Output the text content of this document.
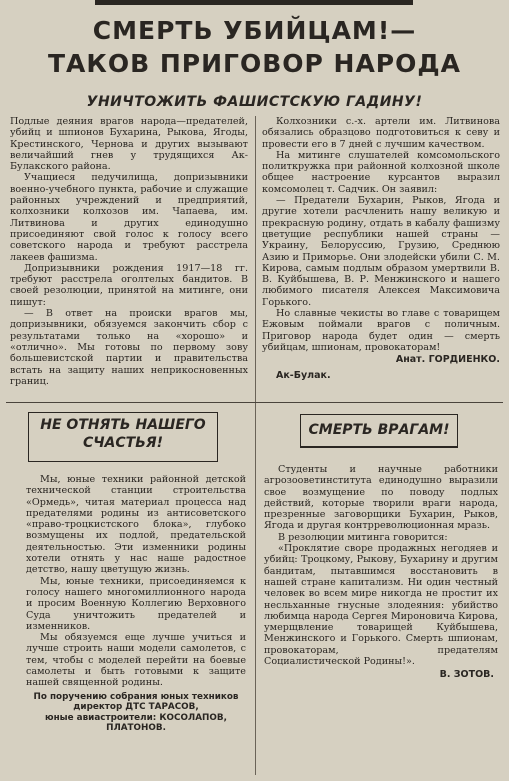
СМЕРТЬ УБИЙЦАМ!—
ТАКОВ ПРИГОВОР НАРОДА
УНИЧТОЖИТЬ ФАШИСТСКУЮ ГАДИНУ!

Подлые деяния врагов народа—предателей, убийц и шпионов Бухарина, Рыкова, Ягоды, Крестинского, Чернова и других вызывают величайший гнев у трудящихся Ак-Булакского района.

Учащиеся педучилища, допризывники военно-учебного пункта, рабочие и служащие районных учреждений и предприятий, колхозники колхозов им. Чапаева, им. Литвинова и других единодушно присоединяют свой голос к голосу всего советского народа и требуют расстрела лакеев фашизма.

Допризывники рождения 1917—18 гг. требуют расстрела оголтелых бандитов. В своей резолюции, принятой на митинге, они пишут:

— В ответ на происки врагов мы, допризывники, обязуемся закончить сбор с результатами только на «хорошо» и «отлично». Мы готовы по первому зову большевистской партии и правительства встать на защиту наших неприкосновенных границ.

Колхозники с.-х. артели им. Литвинова обязались образцово подготовиться к севу и провести его в 7 дней с лучшим качеством.

На митинге слушателей комсомольского политкружка при районной колхозной школе общее настроение курсантов выразил комсомолец т. Садчик. Он заявил:

— Предатели Бухарин, Рыков, Ягода и другие хотели расчленить нашу великую и прекрасную родину, отдать в кабалу фашизму цветущие республики нашей страны — Украину, Белоруссию, Грузию, Среднюю Азию и Приморье. Они злодейски убили С. М. Кирова, самым подлым образом умертвили В. В. Куйбышева, В. Р. Менжинского и нашего любимого писателя Алексея Максимовича Горького.

Но славные чекисты во главе с товарищем Ежовым поймали врагов с поличным. Приговор народа будет один — смерть убийцам, шпионам, провокаторам!

Анат. ГОРДИЕНКО.
Ак-Булак.
НЕ ОТНЯТЬ НАШЕГО
СЧАСТЬЯ!

Мы, юные техники районной детской технической станции строительства «Ормедь», читая материал процесса над предателями родины из антисоветского «право-троцкистского блока», глубоко возмущены их подлой, предательской деятельностью. Эти изменники родины хотели отнять у нас наше радостное детство, нашу цветущую жизнь.

Мы, юные техники, присоединяемся к голосу нашего многомиллионного народа и просим Военную Коллегию Верховного Суда уничтожить предателей и изменников.

Мы обязуемся еще лучше учиться и лучше строить наши модели самолетов, с тем, чтобы с моделей перейти на боевые самолеты и быть готовыми к защите нашей священной родины.

По поручению собрания юных техников директор ДТС ТАРАСОВ,
юные авиастроители: КОСОЛАПОВ,
ПЛАТОНОВ.
СМЕРТЬ ВРАГАМ!

Студенты и научные работники агрозооветинститута единодушно выразили свое возмущение по поводу подлых действий, которые творили враги народа, презренные заговорщики Бухарин, Рыков, Ягода и другая контрреволюционная мразь.

В резолюции митинга говорится:

«Проклятие своре продажных негодяев и убийц: Троцкому, Рыкову, Бухарину и другим бандитам, пытавшимся восстановить в нашей стране капитализм. Ни один честный человек во всем мире никогда не простит их несльханные гнусные злодеяния: убийство любимца народа Сергея Мироновича Кирова, умерщвление товарищей Куйбышева, Менжинского и Горького. Смерть шпионам, провокаторам, предателям Социалистической Родины!».

В. ЗОТОВ.
